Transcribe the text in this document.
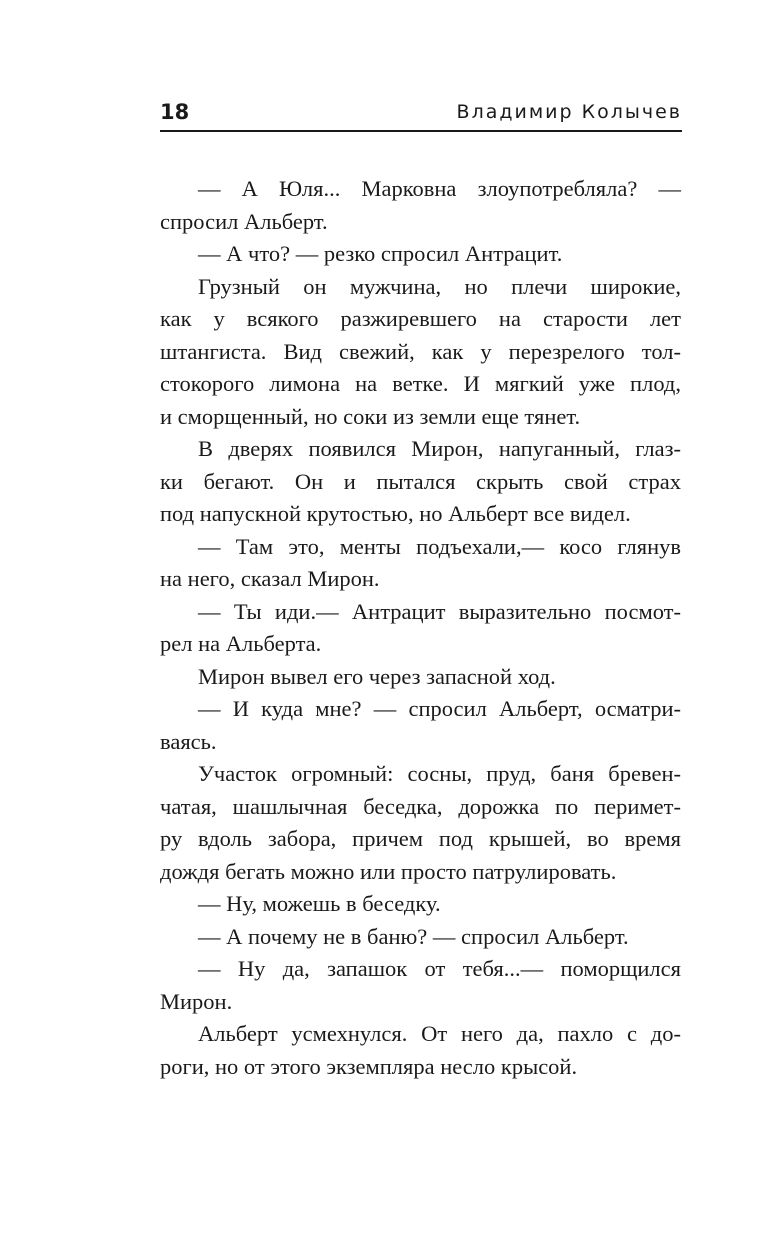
18	Владимир Колычев
— А Юля... Марковна злоупотребляла? —
спросил Альберт.
— А что? — резко спросил Антрацит.
Грузный он мужчина, но плечи широкие,
как у всякого разжиревшего на старости лет
штангиста. Вид свежий, как у перезрелого тол-
стокорого лимона на ветке. И мягкий уже плод,
и сморщенный, но соки из земли еще тянет.
В дверях появился Мирон, напуганный, глаз-
ки бегают. Он и пытался скрыть свой страх
под напускной крутостью, но Альберт все видел.
— Там это, менты подъехали,— косо глянув
на него, сказал Мирон.
— Ты иди.— Антрацит выразительно посмот-
рел на Альберта.
Мирон вывел его через запасной ход.
— И куда мне? — спросил Альберт, осматри-
ваясь.
Участок огромный: сосны, пруд, баня бревен-
чатая, шашлычная беседка, дорожка по перимет-
ру вдоль забора, причем под крышей, во время
дождя бегать можно или просто патрулировать.
— Ну, можешь в беседку.
— А почему не в баню? — спросил Альберт.
— Ну да, запашок от тебя...— поморщился
Мирон.
Альберт усмехнулся. От него да, пахло с до-
роги, но от этого экземпляра несло крысой.
